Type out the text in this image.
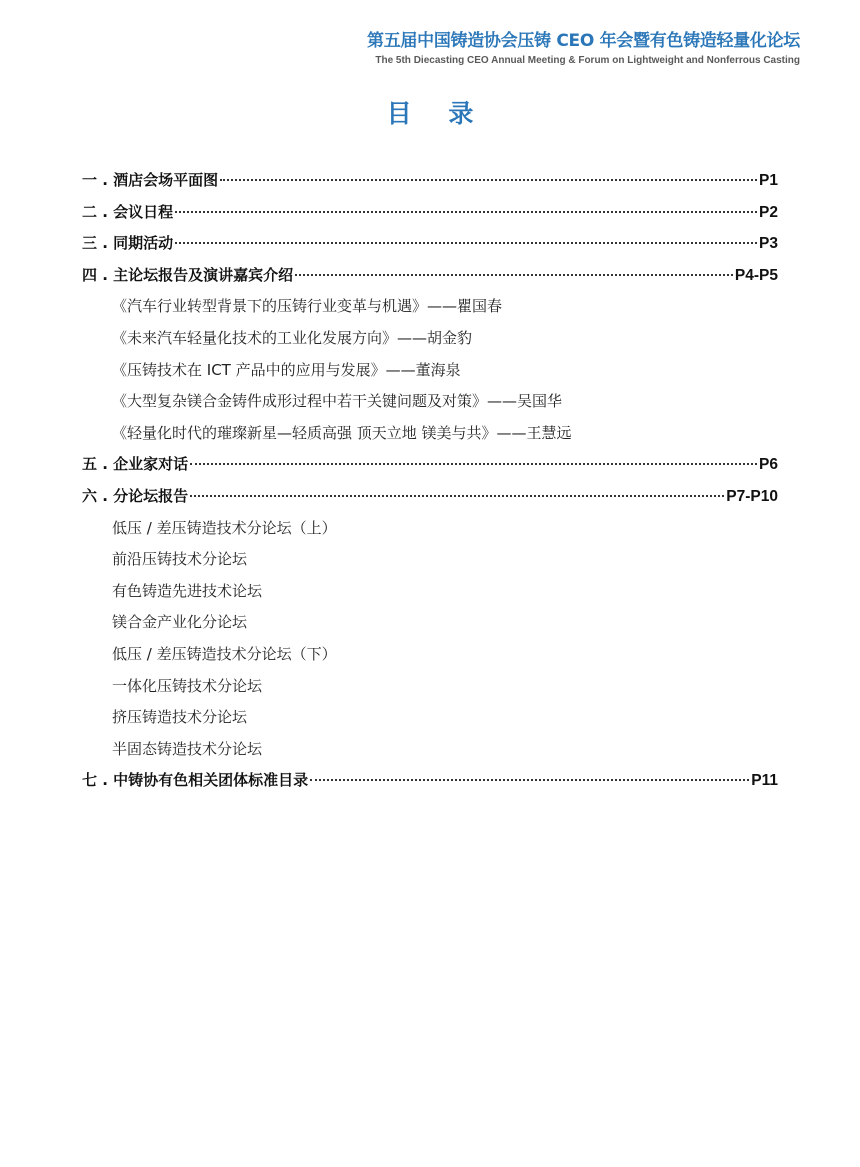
第五届中国铸造协会压铸 CEO 年会暨有色铸造轻量化论坛
The 5th Diecasting CEO Annual Meeting & Forum on Lightweight and Nonferrous Casting
目 录
一 . 酒店会场平面图	P1
二 . 会议日程	P2
三 . 同期活动	P3
四 . 主论坛报告及演讲嘉宾介绍	P4-P5
《汽车行业转型背景下的压铸行业变革与机遇》 ——瞿国春
《未来汽车轻量化技术的工业化发展方向》 ——胡金豹
《压铸技术在 ICT 产品中的应用与发展》 ——董海泉
《大型复杂镁合金铸件成形过程中若干关键问题及对策》 ——吴国华
《轻量化时代的璀璨新星—轻质高强 顶天立地 镁美与共》 ——王慧远
五 . 企业家对话	P6
六 . 分论坛报告	P7-P10
低压 / 差压铸造技术分论坛（上）
前沿压铸技术分论坛
有色铸造先进技术论坛
镁合金产业化分论坛
低压 / 差压铸造技术分论坛（下）
一体化压铸技术分论坛
挤压铸造技术分论坛
半固态铸造技术分论坛
七 . 中铸协有色相关团体标准目录	P11
